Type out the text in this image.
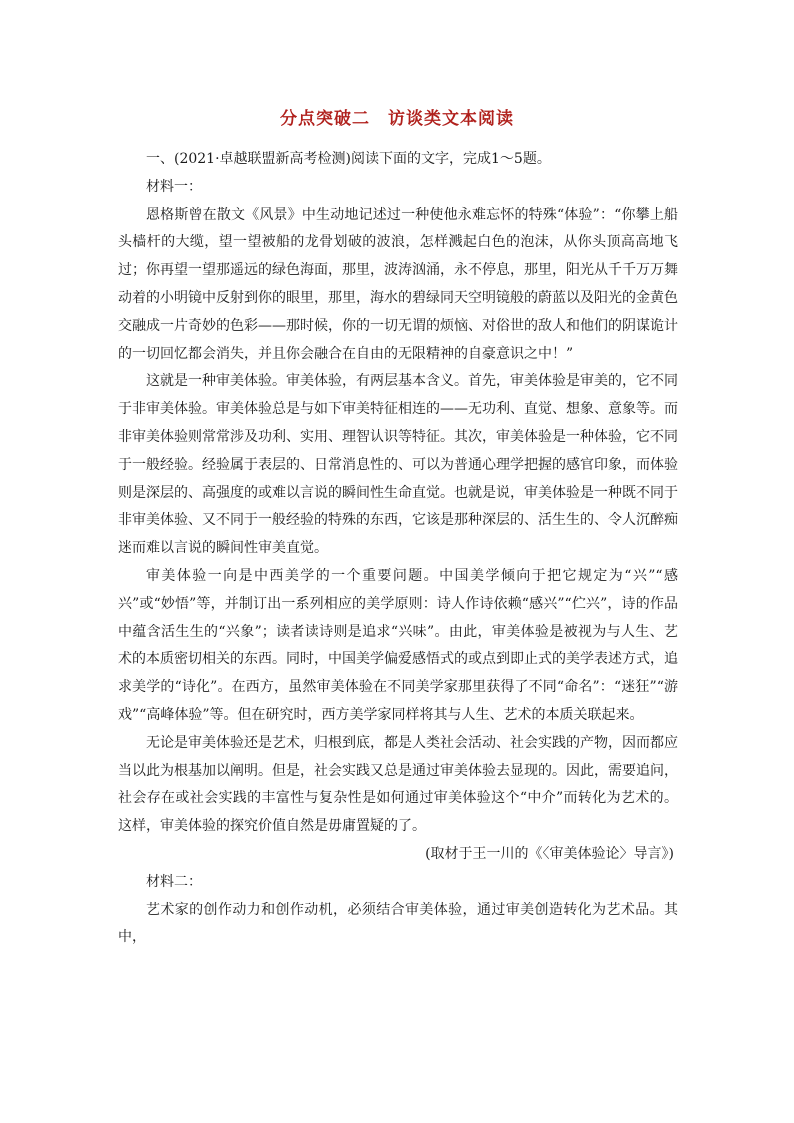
分点突破二　访谈类文本阅读

一、(2021·卓越联盟新高考检测)阅读下面的文字，完成1～5题。

材料一：

恩格斯曾在散文《风景》中生动地记述过一种使他永难忘怀的特殊“体验”：“你攀上船头樯杆的大缆，望一望被船的龙骨划破的波浪，怎样溅起白色的泡沫，从你头顶高高地飞过；你再望一望那遥远的绿色海面，那里，波涛汹涌，永不停息，那里，阳光从千千万万舞动着的小明镜中反射到你的眼里，那里，海水的碧绿同天空明镜般的蔚蓝以及阳光的金黄色交融成一片奇妙的色彩——那时候，你的一切无谓的烦恼、对俗世的敌人和他们的阴谋诡计的一切回忆都会消失，并且你会融合在自由的无限精神的自豪意识之中！”

这就是一种审美体验。审美体验，有两层基本含义。首先，审美体验是审美的，它不同于非审美体验。审美体验总是与如下审美特征相连的——无功利、直觉、想象、意象等。而非审美体验则常常涉及功利、实用、理智认识等特征。其次，审美体验是一种体验，它不同于一般经验。经验属于表层的、日常消息性的、可以为普通心理学把握的感官印象，而体验则是深层的、高强度的或难以言说的瞬间性生命直觉。也就是说，审美体验是一种既不同于非审美体验、又不同于一般经验的特殊的东西，它该是那种深层的、活生生的、令人沉醉痴迷而难以言说的瞬间性审美直觉。

审美体验一向是中西美学的一个重要问题。中国美学倾向于把它规定为“兴”“感兴”或“妙悟”等，并制订出一系列相应的美学原则：诗人作诗依赖“感兴”“伫兴”，诗的作品中蕴含活生生的“兴象”；读者读诗则是追求“兴味”。由此，审美体验是被视为与人生、艺术的本质密切相关的东西。同时，中国美学偏爱感悟式的或点到即止式的美学表述方式，追求美学的“诗化”。在西方，虽然审美体验在不同美学家那里获得了不同“命名”：“迷狂”“游戏”“高峰体验”等。但在研究时，西方美学家同样将其与人生、艺术的本质关联起来。

无论是审美体验还是艺术，归根到底，都是人类社会活动、社会实践的产物，因而都应当以此为根基加以阐明。但是，社会实践又总是通过审美体验去显现的。因此，需要追问，社会存在或社会实践的丰富性与复杂性是如何通过审美体验这个“中介”而转化为艺术的。这样，审美体验的探究价值自然是毋庸置疑的了。

(取材于王一川的《〈审美体验论〉导言》)

材料二：

艺术家的创作动力和创作动机，必须结合审美体验，通过审美创造转化为艺术品。其中，
